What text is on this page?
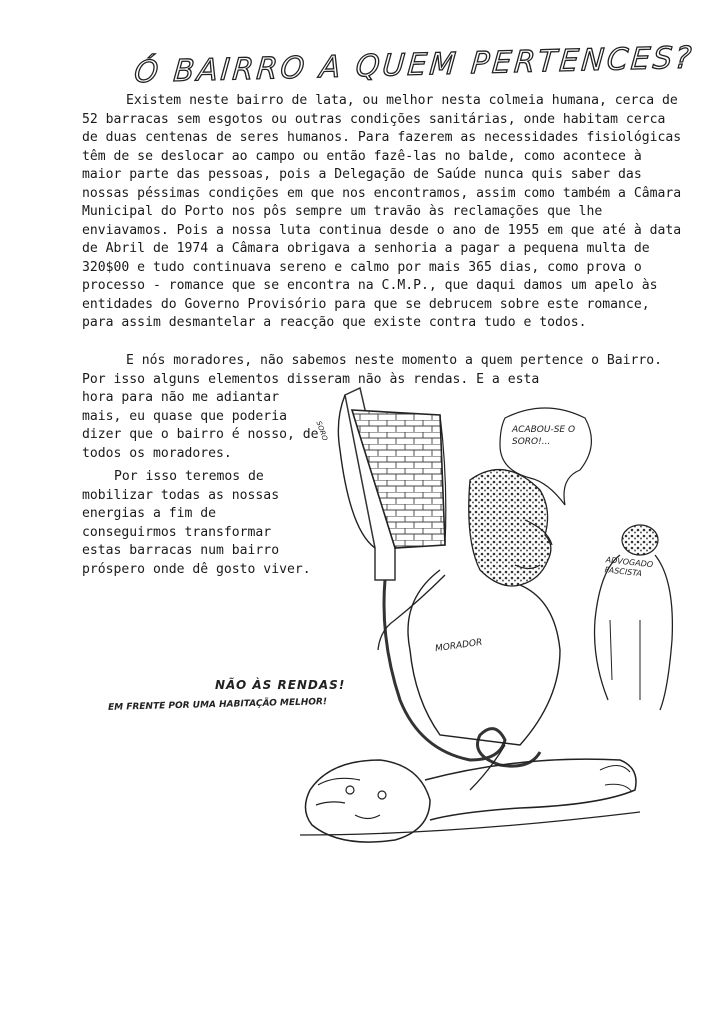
Ó BAIRRO A QUEM PERTENCES?

Existem neste bairro de lata, ou melhor nesta colmeia humana, cerca de 52 barracas sem esgotos ou outras condições sanitárias, onde habitam cerca de duas centenas de seres humanos. Para fazerem as necessidades fisiológicas têm de se deslocar ao campo ou então fazê-las no balde, como acontece à maior parte das pessoas, pois a Delegação de Saúde nunca quis saber das nossas péssimas condições em que nos encontramos, assim como também a Câmara Municipal do Porto nos pôs sempre um travão às reclamações que lhe enviavamos. Pois a nossa luta continua desde o ano de 1955 em que até à data de Abril de 1974 a Câmara obrigava a senhoria a pagar a pequena multa de 320$00 e tudo continuava sereno e calmo por mais 365 dias, como prova o processo - romance que se encontra na C.M.P., que daqui damos um apelo às entidades do Governo Provisório para que se debrucem sobre este romance, para assim desmantelar a reacção que existe contra tudo e todos.

E nós moradores, não sabemos neste momento a quem pertence o Bairro. Por isso alguns elementos disseram não às rendas. E a esta

hora para não me adiantar mais, eu quase que poderia dizer que o bairro é nosso, de todos os moradores.

Por isso teremos de mobilizar todas as nossas energias a fim de conseguirmos transformar estas barracas num bairro próspero onde dê gosto viver.

SORO	ACABOU-SE O SORO!...
ADVOGADO FASCISTA
MORADOR
NÃO ÀS RENDAS!
EM FRENTE POR UMA HABITAÇÃO MELHOR!
